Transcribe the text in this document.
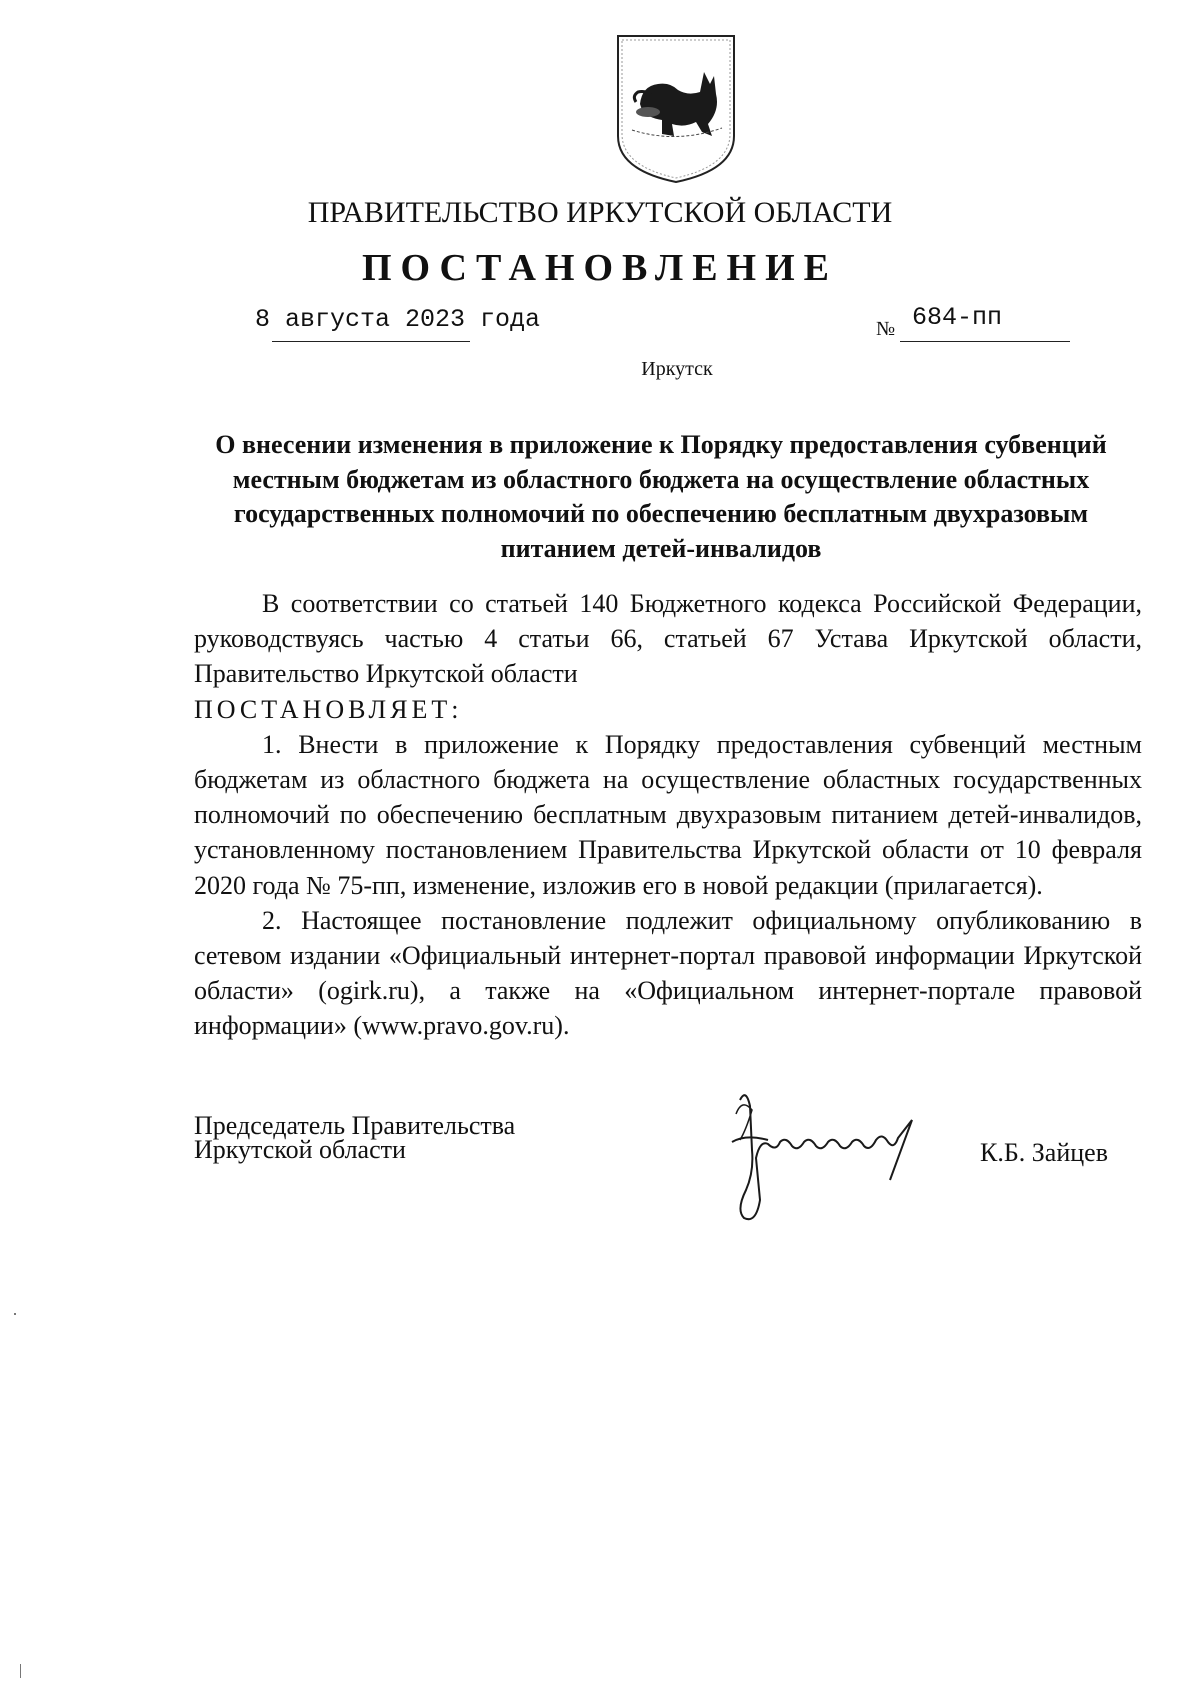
ПРАВИТЕЛЬСТВО ИРКУТСКОЙ ОБЛАСТИ
ПОСТАНОВЛЕНИЕ
8 августа 2023 года	№ 684-пп
Иркутск
О внесении изменения в приложение к Порядку предоставления субвенций местным бюджетам из областного бюджета на осуществление областных государственных полномочий по обеспечению бесплатным двухразовым питанием детей-инвалидов

В соответствии со статьей 140 Бюджетного кодекса Российской Федерации, руководствуясь частью 4 статьи 66, статьей 67 Устава Иркутской области, Правительство Иркутской области

ПОСТАНОВЛЯЕТ:

1. Внести в приложение к Порядку предоставления субвенций местным бюджетам из областного бюджета на осуществление областных государственных полномочий по обеспечению бесплатным двухразовым питанием детей-инвалидов, установленному постановлением Правительства Иркутской области от 10 февраля 2020 года № 75-пп, изменение, изложив его в новой редакции (прилагается).

2. Настоящее постановление подлежит официальному опубликованию в сетевом издании «Официальный интернет-портал правовой информации Иркутской области» (ogirk.ru), а также на «Официальном интернет-портале правовой информации» (www.pravo.gov.ru).

Председатель Правительства
Иркутской области	К.Б. Зайцев
